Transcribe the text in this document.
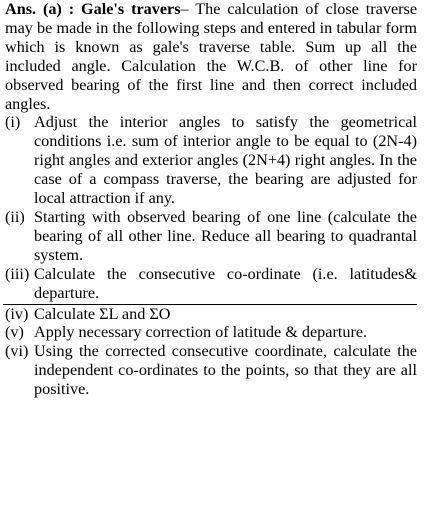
Ans. (a) : Gale's travers– The calculation of close traverse may be made in the following steps and entered in tabular form which is known as gale's traverse table. Sum up all the included angle. Calculation the W.C.B. of other line for observed bearing of the first line and then correct included angles.

(i) Adjust the interior angles to satisfy the geometrical conditions i.e. sum of interior angle to be equal to (2N-4) right angles and exterior angles (2N+4) right angles. In the case of a compass traverse, the bearing are adjusted for local attraction if any.
(ii) Starting with observed bearing of one line (calculate the bearing of all other line. Reduce all bearing to quadrantal system.
(iii) Calculate the consecutive co-ordinate (i.e. latitudes& departure.
(iv) Calculate ΣL and ΣO
(v) Apply necessary correction of latitude & departure.
(vi) Using the corrected consecutive coordinate, calculate the independent co-ordinates to the points, so that they are all positive.
